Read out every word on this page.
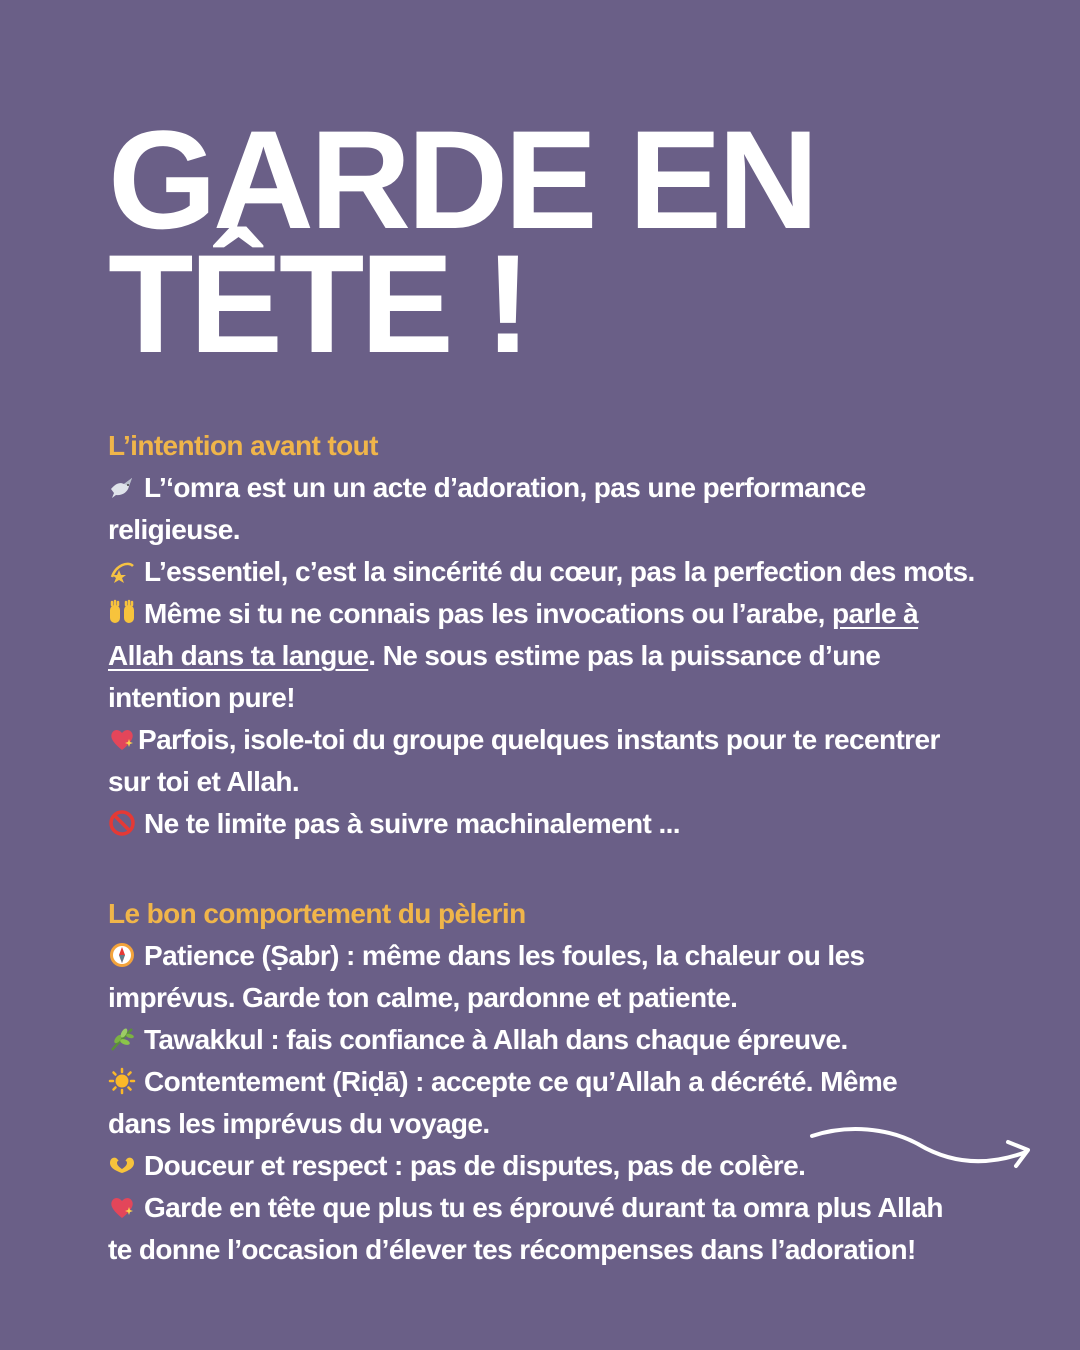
GARDE EN
TÊTE !
L’intention avant tout
L’‘omra est un un acte d’adoration, pas une performance
religieuse.
L’essentiel, c’est la sincérité du cœur, pas la perfection des mots.
Même si tu ne connais pas les invocations ou l’arabe, parle à
Allah dans ta langue. Ne sous estime pas la puissance d’une
intention pure!
Parfois, isole-toi du groupe quelques instants pour te recentrer
sur toi et Allah.
Ne te limite pas à suivre machinalement ...
Le bon comportement du pèlerin
Patience (Ṣabr) : même dans les foules, la chaleur ou les
imprévus. Garde ton calme, pardonne et patiente.
Tawakkul : fais confiance à Allah dans chaque épreuve.
Contentement (Riḍā) : accepte ce qu’Allah a décrété. Même
dans les imprévus du voyage.
Douceur et respect : pas de disputes, pas de colère.
Garde en tête que plus tu es éprouvé durant ta omra plus Allah
te donne l’occasion d’élever tes récompenses dans l’adoration!
